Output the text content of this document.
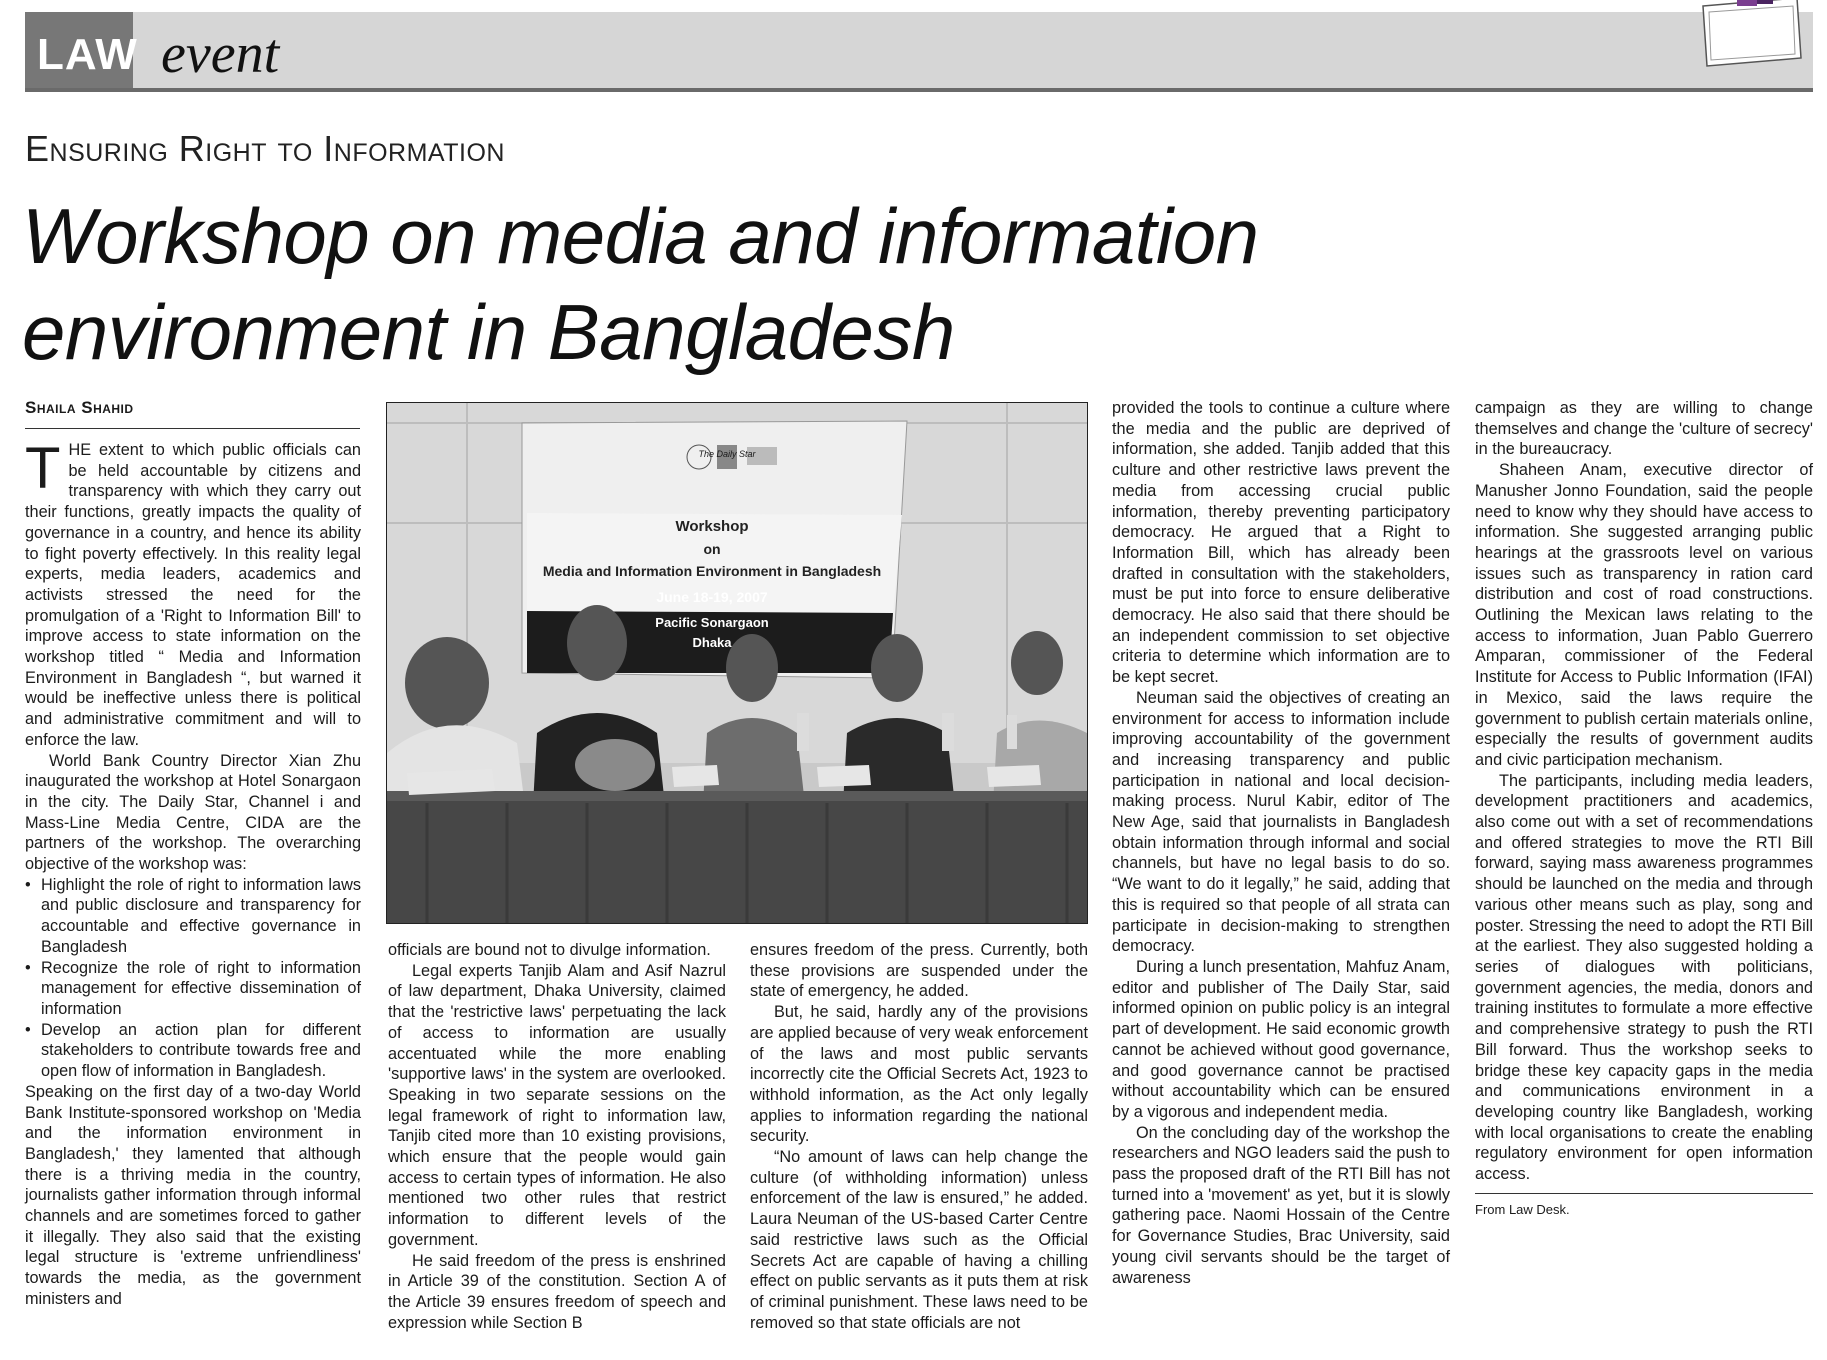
LAW event
Ensuring Right to Information
Workshop on media and information environment in Bangladesh
Shaila Shahid

THE extent to which public officials can be held accountable by citizens and transparency with which they carry out their functions, greatly impacts the quality of governance in a country, and hence its ability to fight poverty effectively. In this reality legal experts, media leaders, academics and activists stressed the need for the promulgation of a 'Right to Information Bill' to improve access to state information on the workshop titled “ Media and Information Environment in Bangladesh “, but warned it would be ineffective unless there is political and administrative commitment and will to enforce the law.

World Bank Country Director Xian Zhu inaugurated the workshop at Hotel Sonargaon in the city. The Daily Star, Channel i and Mass-Line Media Centre, CIDA are the partners of the workshop. The overarching objective of the workshop was:

• Highlight the role of right to information laws and public disclosure and transparency for accountable and effective governance in Bangladesh
• Recognize the role of right to information management for effective dissemination of information
• Develop an action plan for different stakeholders to contribute towards free and open flow of information in Bangladesh.

Speaking on the first day of a two-day World Bank Institute-sponsored workshop on 'Media and the information environment in Bangladesh,' they lamented that although there is a thriving media in the country, journalists gather information through informal channels and are sometimes forced to gather it illegally. They also said that the existing legal structure is 'extreme unfriendliness' towards the media, as the government ministers and

The Daily Star
Workshop
on
Media and Information Environment in Bangladesh
June 18-19, 2007
Pacific Sonargaon
Dhaka

officials are bound not to divulge information.

Legal experts Tanjib Alam and Asif Nazrul of law department, Dhaka University, claimed that the 'restrictive laws' perpetuating the lack of access to information are usually accentuated while the more enabling 'supportive laws' in the system are overlooked. Speaking in two separate sessions on the legal framework of right to information law, Tanjib cited more than 10 existing provisions, which ensure that the people would gain access to certain types of information. He also mentioned two other rules that restrict information to different levels of the government.

He said freedom of the press is enshrined in Article 39 of the constitution. Section A of the Article 39 ensures freedom of speech and expression while Section B

ensures freedom of the press. Currently, both these provisions are suspended under the state of emergency, he added.

But, he said, hardly any of the provisions are applied because of very weak enforcement of the laws and most public servants incorrectly cite the Official Secrets Act, 1923 to withhold information, as the Act only legally applies to information regarding the national security.

“No amount of laws can help change the culture (of withholding information) unless enforcement of the law is ensured,” he added. Laura Neuman of the US-based Carter Centre said restrictive laws such as the Official Secrets Act are capable of having a chilling effect on public servants as it puts them at risk of criminal punishment. These laws need to be removed so that state officials are not

provided the tools to continue a culture where the media and the public are deprived of information, she added. Tanjib added that this culture and other restrictive laws prevent the media from accessing crucial public information, thereby preventing participatory democracy. He argued that a Right to Information Bill, which has already been drafted in consultation with the stakeholders, must be put into force to ensure deliberative democracy. He also said that there should be an independent commission to set objective criteria to determine which information are to be kept secret.

Neuman said the objectives of creating an environment for access to information include improving accountability of the government and increasing transparency and public participation in national and local decision-making process. Nurul Kabir, editor of The New Age, said that journalists in Bangladesh obtain information through informal and social channels, but have no legal basis to do so. “We want to do it legally,” he said, adding that this is required so that people of all strata can participate in decision-making to strengthen democracy.

During a lunch presentation, Mahfuz Anam, editor and publisher of The Daily Star, said informed opinion on public policy is an integral part of development. He said economic growth cannot be achieved without good governance, and good governance cannot be practised without accountability which can be ensured by a vigorous and independent media.

On the concluding day of the workshop the researchers and NGO leaders said the push to pass the proposed draft of the RTI Bill has not turned into a 'movement' as yet, but it is slowly gathering pace. Naomi Hossain of the Centre for Governance Studies, Brac University, said young civil servants should be the target of awareness

campaign as they are willing to change themselves and change the 'culture of secrecy' in the bureaucracy.

Shaheen Anam, executive director of Manusher Jonno Foundation, said the people need to know why they should have access to information. She suggested arranging public hearings at the grassroots level on various issues such as transparency in ration card distribution and cost of road constructions. Outlining the Mexican laws relating to the access to information, Juan Pablo Guerrero Amparan, commissioner of the Federal Institute for Access to Public Information (IFAI) in Mexico, said the laws require the government to publish certain materials online, especially the results of government audits and civic participation mechanism.

The participants, including media leaders, development practitioners and academics, also come out with a set of recommendations and offered strategies to move the RTI Bill forward, saying mass awareness programmes should be launched on the media and through various other means such as play, song and poster. Stressing the need to adopt the RTI Bill at the earliest. They also suggested holding a series of dialogues with politicians, government agencies, the media, donors and training institutes to formulate a more effective and comprehensive strategy to push the RTI Bill forward. Thus the workshop seeks to bridge these key capacity gaps in the media and communications environment in a developing country like Bangladesh, working with local organisations to create the enabling regulatory environment for open information access.

From Law Desk.
